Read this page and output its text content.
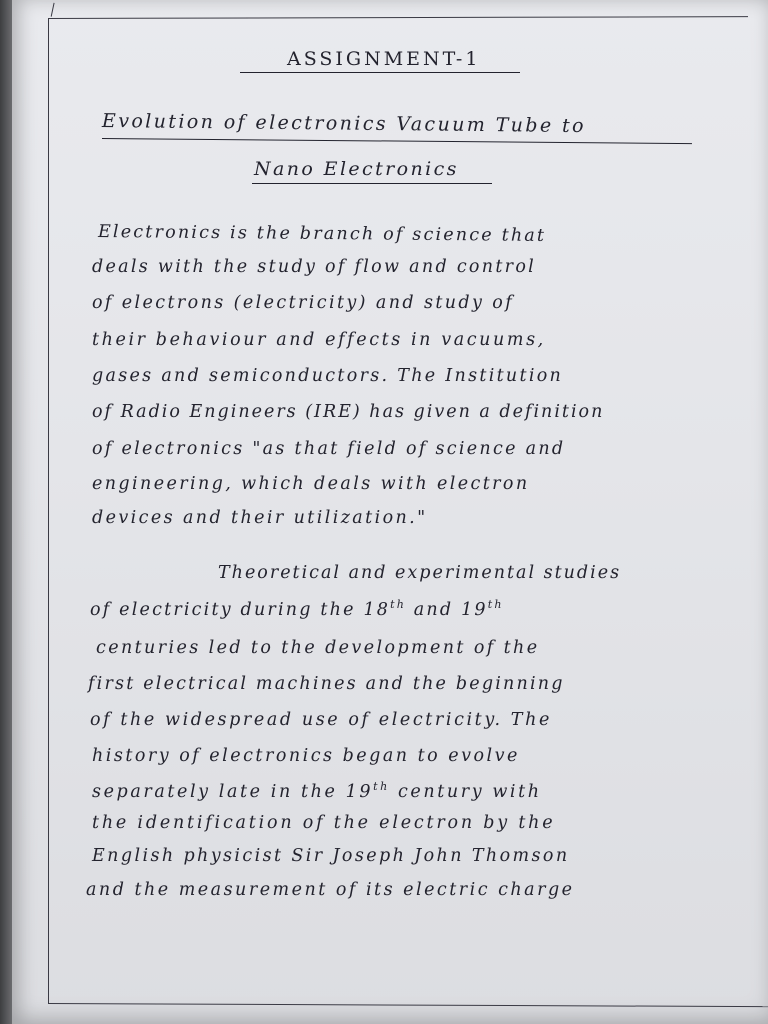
ASSIGNMENT-1
Evolution of electronics Vacuum Tube to
Nano Electronics
Electronics is the branch of science that
deals with the study of flow and control
of electrons (electricity) and study of
their behaviour and effects in vacuums,
gases and semiconductors. The Institution
of Radio Engineers (IRE) has given a definition
of electronics "as that field of science and
engineering, which deals with electron
devices and their utilization."
Theoretical and experimental studies
of electricity during the 18th and 19th
centuries led to the development of the
first electrical machines and the beginning
of the widespread use of electricity. The
history of electronics began to evolve
separately late in the 19th century with
the identification of the electron by the
English physicist Sir Joseph John Thomson
and the measurement of its electric charge
